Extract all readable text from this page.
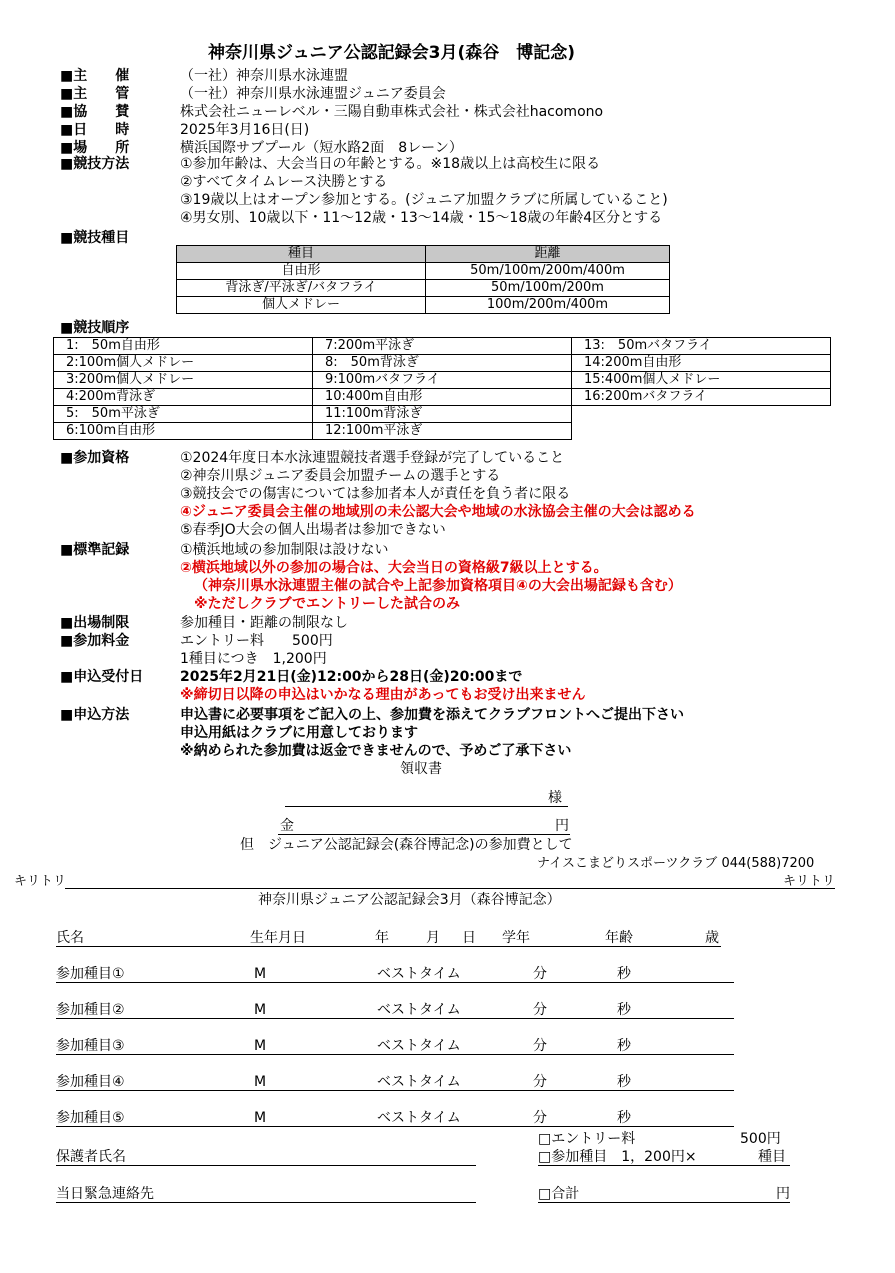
神奈川県ジュニア公認記録会3月(森谷　博記念)
■主　　催	（一社）神奈川県水泳連盟
■主　　管	（一社）神奈川県水泳連盟ジュニア委員会
■協　　賛	株式会社ニューレベル・三陽自動車株式会社・株式会社hacomono
■日　　時	2025年3月16日(日)
■場　　所	横浜国際サブプール（短水路2面　8レーン）
■競技方法	①参加年齢は、大会当日の年齢とする。※18歳以上は高校生に限る
②すべてタイムレース決勝とする
③19歳以上はオープン参加とする。(ジュニア加盟クラブに所属していること)
④男女別、10歳以下・11～12歳・13～14歳・15～18歳の年齢4区分とする
■競技種目
種目	距離
自由形	50m/100m/200m/400m
背泳ぎ/平泳ぎ/バタフライ	50m/100m/200m
個人メドレー	100m/200m/400m
■競技順序
1:　50m自由形	7:200m平泳ぎ	13:　50mバタフライ
2:100m個人メドレー	8:　50m背泳ぎ	14:200m自由形
3:200m個人メドレー	9:100mバタフライ	15:400m個人メドレー
4:200m背泳ぎ	10:400m自由形	16:200mバタフライ
5:　50m平泳ぎ	11:100m背泳ぎ	
6:100m自由形	12:100m平泳ぎ	
■参加資格	①2024年度日本水泳連盟競技者選手登録が完了していること
②神奈川県ジュニア委員会加盟チームの選手とする
③競技会での傷害については参加者本人が責任を負う者に限る
④ジュニア委員会主催の地域別の未公認大会や地域の水泳協会主催の大会は認める
⑤春季JO大会の個人出場者は参加できない
■標準記録	①横浜地域の参加制限は設けない
②横浜地域以外の参加の場合は、大会当日の資格級7級以上とする。
（神奈川県水泳連盟主催の試合や上記参加資格項目④の大会出場記録も含む）
※ただしクラブでエントリーした試合のみ
■出場制限	参加種目・距離の制限なし
■参加料金	エントリー料　　500円
1種目につき　1,200円
■申込受付日	2025年2月21日(金)12:00から28日(金)20:00まで
※締切日以降の申込はいかなる理由があってもお受け出来ません
■申込方法	申込書に必要事項をご記入の上、参加費を添えてクラブフロントへご提出下さい
申込用紙はクラブに用意しております
※納められた参加費は返金できませんので、予めご了承下さい
領収書
様
金	円
但　ジュニア公認記録会(森谷博記念)の参加費として
ナイスこまどりスポーツクラブ 044(588)7200
キリトリ	キリトリ
神奈川県ジュニア公認記録会3月（森谷博記念）
氏名	生年月日	年	月 日 学年	年齢	歳
参加種目①	M	ベストタイム	分	秒
参加種目②	M	ベストタイム	分	秒
参加種目③	M	ベストタイム	分	秒
参加種目④	M	ベストタイム	分	秒
参加種目⑤	M	ベストタイム	分	秒
□エントリー料	500円
保護者氏名	□参加種目　1，200円×	種目
当日緊急連絡先	□合計	円
